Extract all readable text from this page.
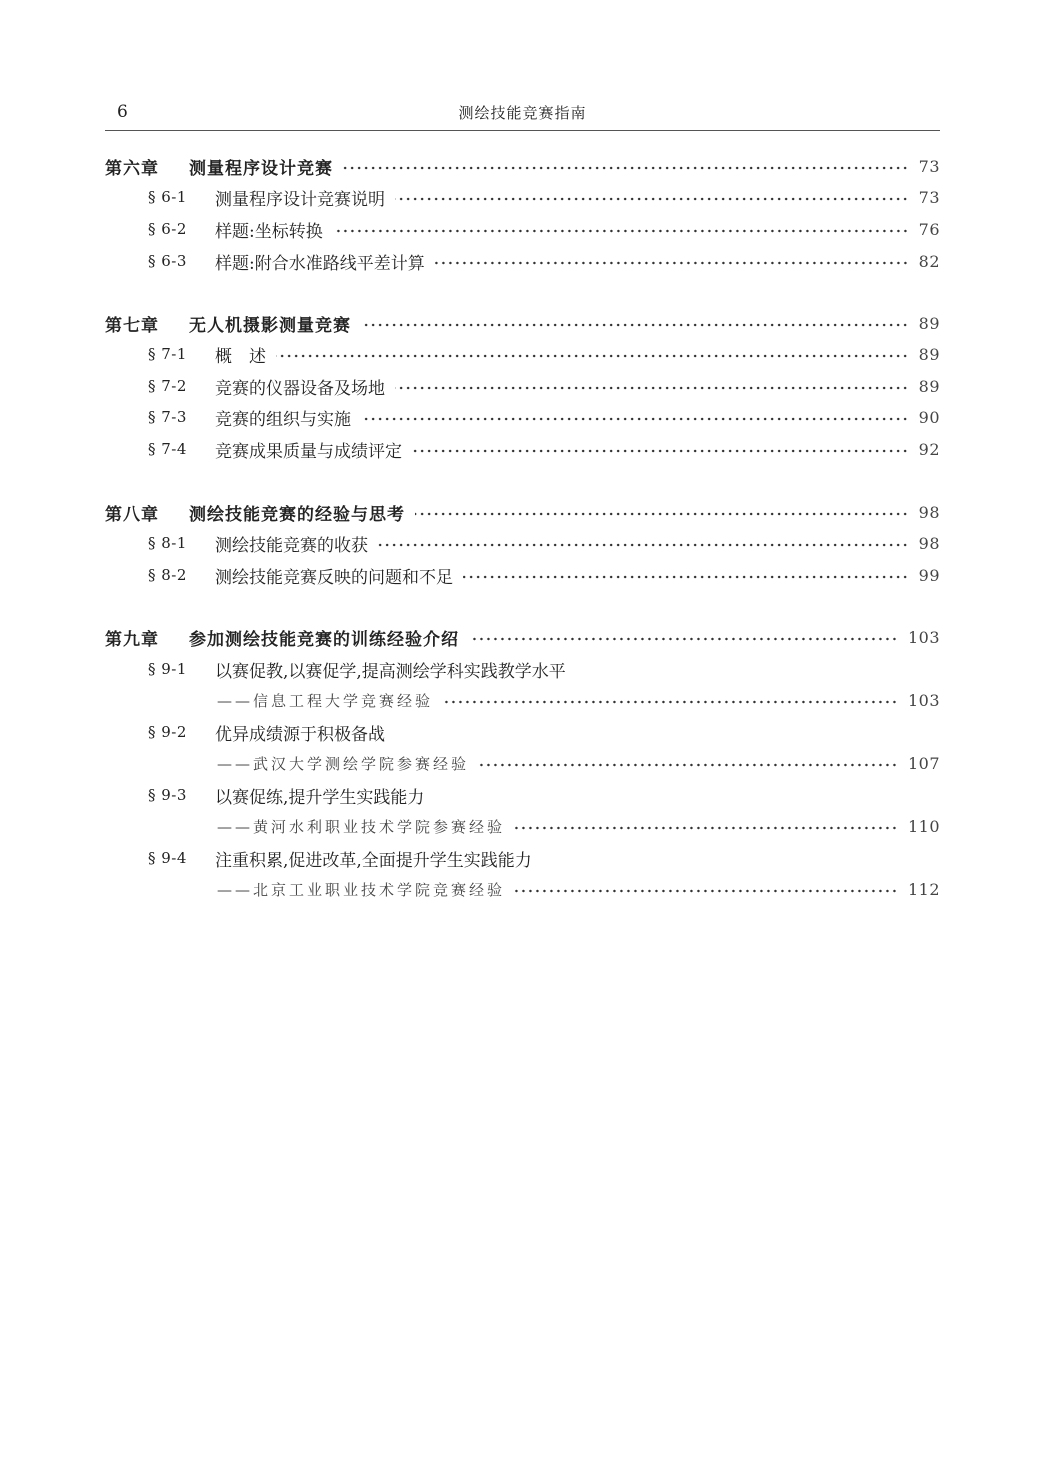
6	测绘技能竞赛指南
第六章	测量程序设计竞赛	73
§ 6-1	测量程序设计竞赛说明	73
§ 6-2	样题:坐标转换	76
§ 6-3	样题:附合水准路线平差计算	82
第七章	无人机摄影测量竞赛	89
§ 7-1	概　述	89
§ 7-2	竞赛的仪器设备及场地	89
§ 7-3	竞赛的组织与实施	90
§ 7-4	竞赛成果质量与成绩评定	92
第八章	测绘技能竞赛的经验与思考	98
§ 8-1	测绘技能竞赛的收获	98
§ 8-2	测绘技能竞赛反映的问题和不足	99
第九章	参加测绘技能竞赛的训练经验介绍	103
§ 9-1	以赛促教,以赛促学,提高测绘学科实践教学水平
——信息工程大学竞赛经验	103
§ 9-2	优异成绩源于积极备战
——武汉大学测绘学院参赛经验	107
§ 9-3	以赛促练,提升学生实践能力
——黄河水利职业技术学院参赛经验	110
§ 9-4	注重积累,促进改革,全面提升学生实践能力
——北京工业职业技术学院竞赛经验	112
